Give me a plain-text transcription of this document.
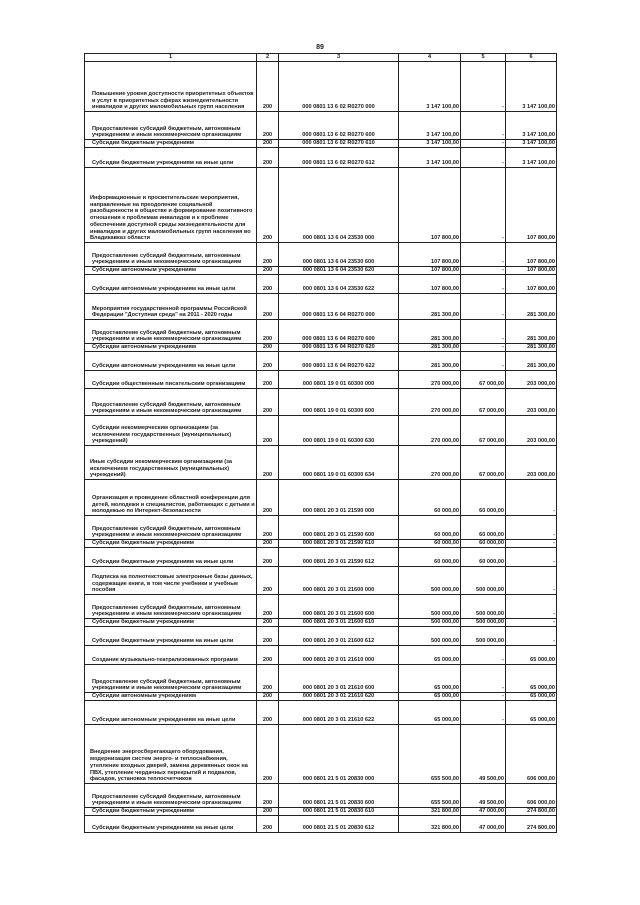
89
1	2	3	4	5	6

Повышение уровня доступности приоритетных объектов и услуг в приоритетных сферах жизнедеятельности инвалидов и других маломобильных групп населения	200	000 0801 13 6 02 R0270 000	3 147 100,00	-	3 147 100,00

Предоставление субсидий бюджетным, автономным учреждениям и иным некоммерческим организациям	200	000 0801 13 6 02 R0270 600	3 147 100,00	-	3 147 100,00

Субсидии бюджетным учреждениям	200	000 0801 13 6 02 R0270 610	3 147 100,00	-	3 147 100,00

Субсидии бюджетным учреждениям на иные цели	200	000 0801 13 6 02 R0270 612	3 147 100,00	-	3 147 100,00

Информационные и просветительские мероприятия, направленные на преодоление социальной разобщенности в обществе и формирование позитивного отношения к проблемам инвалидов и к проблеме обеспечения доступной среды жизнедеятельности для инвалидов и других маломобильных групп населения во Владикавказ области	200	000 0801 13 6 04 23530 000	107 800,00	-	107 800,00

Предоставление субсидий бюджетным, автономным учреждениям и иным некоммерческим организациям	200	000 0801 13 6 04 23530 600	107 800,00	-	107 800,00

Субсидии автономным учреждениям	200	000 0801 13 6 04 23530 620	107 800,00	-	107 800,00

Субсидии автономным учреждениям на иные цели	200	000 0801 13 6 04 23530 622	107 800,00	-	107 800,00

Мероприятия государственной программы Российской Федерации "Доступная среда" на 2011 - 2020 годы	200	000 0801 13 6 04 R0270 000	281 300,00	-	281 300,00

Предоставление субсидий бюджетным, автономным учреждениям и иным некоммерческим организациям	200	000 0801 13 6 04 R0270 600	281 300,00	-	281 300,00

Субсидии автономным учреждениям	200	000 0801 13 6 04 R0270 620	281 300,00	-	281 300,00

Субсидии автономным учреждениям на иные цели	200	000 0801 13 6 04 R0270 622	281 300,00	-	281 300,00

Субсидии общественным писательским организациям	200	000 0801 19 0 01 60300 000	270 000,00	67 000,00	203 000,00

Предоставление субсидий бюджетным, автономным учреждениям и иным некоммерческим организациям	200	000 0801 19 0 01 60300 600	270 000,00	67 000,00	203 000,00

Субсидии некоммерческим организациям (за исключением государственных (муниципальных) учреждений)	200	000 0801 19 0 01 60300 630	270 000,00	67 000,00	203 000,00

Иные субсидии некоммерческим организациям (за исключением государственных (муниципальных) учреждений)	200	000 0801 19 0 01 60300 634	270 000,00	67 000,00	203 000,00

Организация и проведение областной конференции для детей, молодежи и специалистов, работающих с детьми и молодежью по Интернет-безопасности	200	000 0801 20 3 01 21590 000	60 000,00	60 000,00	-

Предоставление субсидий бюджетным, автономным учреждениям и иным некоммерческим организациям	200	000 0801 20 3 01 21590 600	60 000,00	60 000,00	-

Субсидии бюджетным учреждениям	200	000 0801 20 3 01 21590 610	60 000,00	60 000,00	-

Субсидии бюджетным учреждениям на иные цели	200	000 0801 20 3 01 21590 612	60 000,00	60 000,00	-

Подписка на полнотекстовые электронные базы данных, содержащие книги, в том числе учебники и учебные пособия	200	000 0801 20 3 01 21600 000	500 000,00	500 000,00	-

Предоставление субсидий бюджетным, автономным учреждениям и иным некоммерческим организациям	200	000 0801 20 3 01 21600 600	500 000,00	500 000,00	-

Субсидии бюджетным учреждениям	200	000 0801 20 3 01 21600 610	500 000,00	500 000,00	-

Субсидии бюджетным учреждениям на иные цели	200	000 0801 20 3 01 21600 612	500 000,00	500 000,00	-

Создание музыкально-театрализованных программ	200	000 0801 20 3 01 21610 000	65 000,00	-	65 000,00

Предоставление субсидий бюджетным, автономным учреждениям и иным некоммерческим организациям	200	000 0801 20 3 01 21610 600	65 000,00	-	65 000,00

Субсидии автономным учреждениям	200	000 0801 20 3 01 21610 620	65 000,00	-	65 000,00

Субсидии автономным учреждениям на иные цели	200	000 0801 20 3 01 21610 622	65 000,00	-	65 000,00

Внедрение энергосберегающего оборудования, модернизация систем энерго- и теплоснабжения, утепление входных дверей, замена деревянных окон на ПВХ, утепление чердачных перекрытий и подвалов, фасадов, установка теплосчетчиков	200	000 0801 21 5 01 20830 000	655 500,00	49 500,00	606 000,00

Предоставление субсидий бюджетным, автономным учреждениям и иным некоммерческим организациям	200	000 0801 21 5 01 20830 600	655 500,00	49 500,00	606 000,00

Субсидии бюджетным учреждениям	200	000 0801 21 5 01 20830 610	321 800,00	47 000,00	274 800,00

Субсидии бюджетным учреждениям на иные цели	200	000 0801 21 5 01 20830 612	321 800,00	47 000,00	274 800,00
